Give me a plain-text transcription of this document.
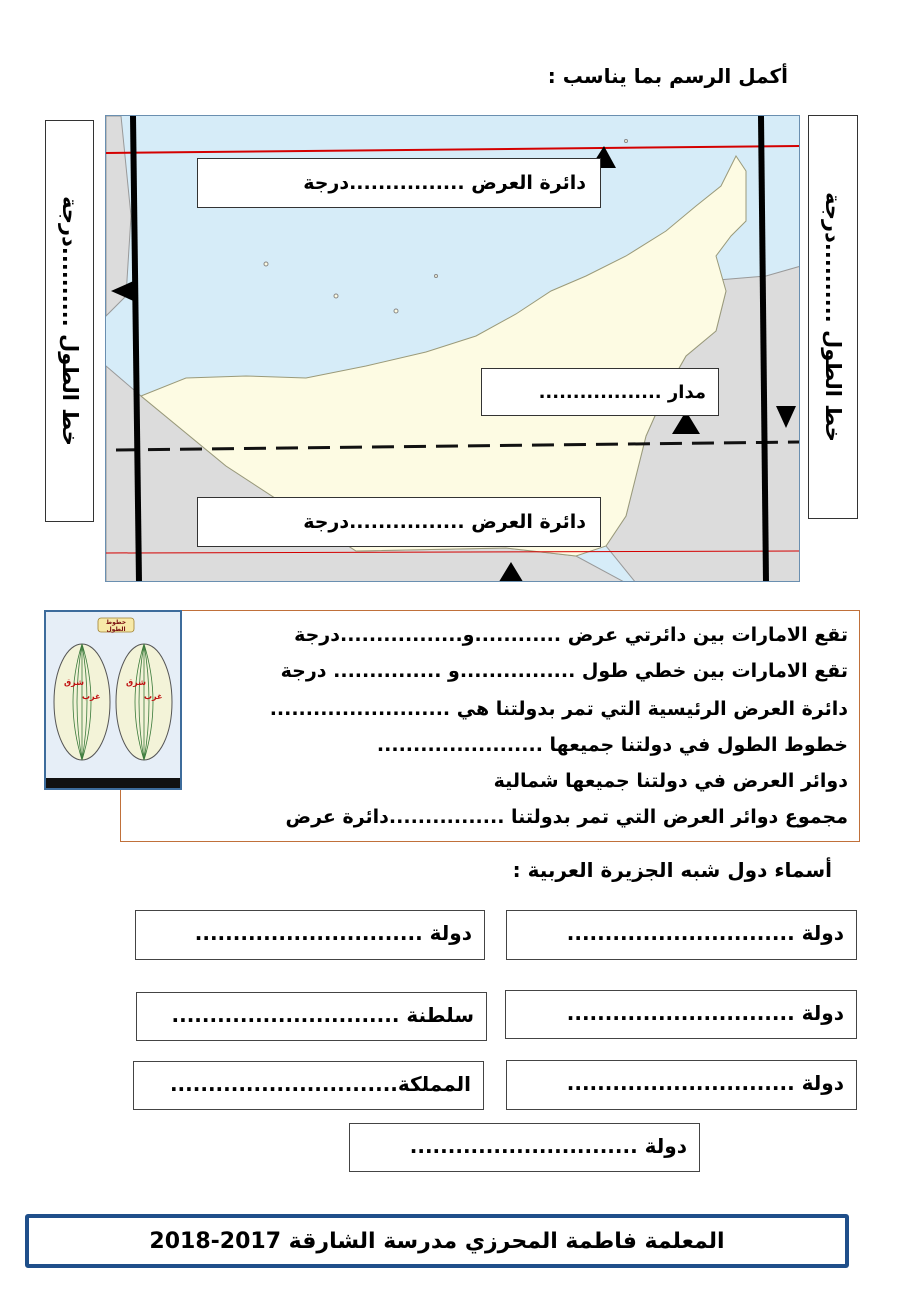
أكمل الرسم بما يناسب :
دائرة العرض ................درجة
مدار ..................
دائرة العرض ................درجة
خط الطول ..........درجة	خط الطول ..........درجة
خطوط الطول
شرق
غرب
شرق
غرب
تقع الامارات بين دائرتي عرض ............و.................درجة
تقع الامارات بين خطي طول ................و ............... درجة
دائرة العرض الرئيسية التي تمر بدولتنا هي .........................
خطوط الطول في دولتنا جميعها .......................
دوائر العرض في دولتنا جميعها شمالية
مجموع دوائر العرض التي تمر بدولتنا ................دائرة عرض
أسماء دول شبه الجزيرة العربية :
دولة ..............................
دولة ..............................
دولة ..............................
سلطنة ..............................
دولة ..............................
المملكة..............................
دولة ..............................
المعلمة فاطمة المحرزي مدرسة الشارقة 2017-2018
